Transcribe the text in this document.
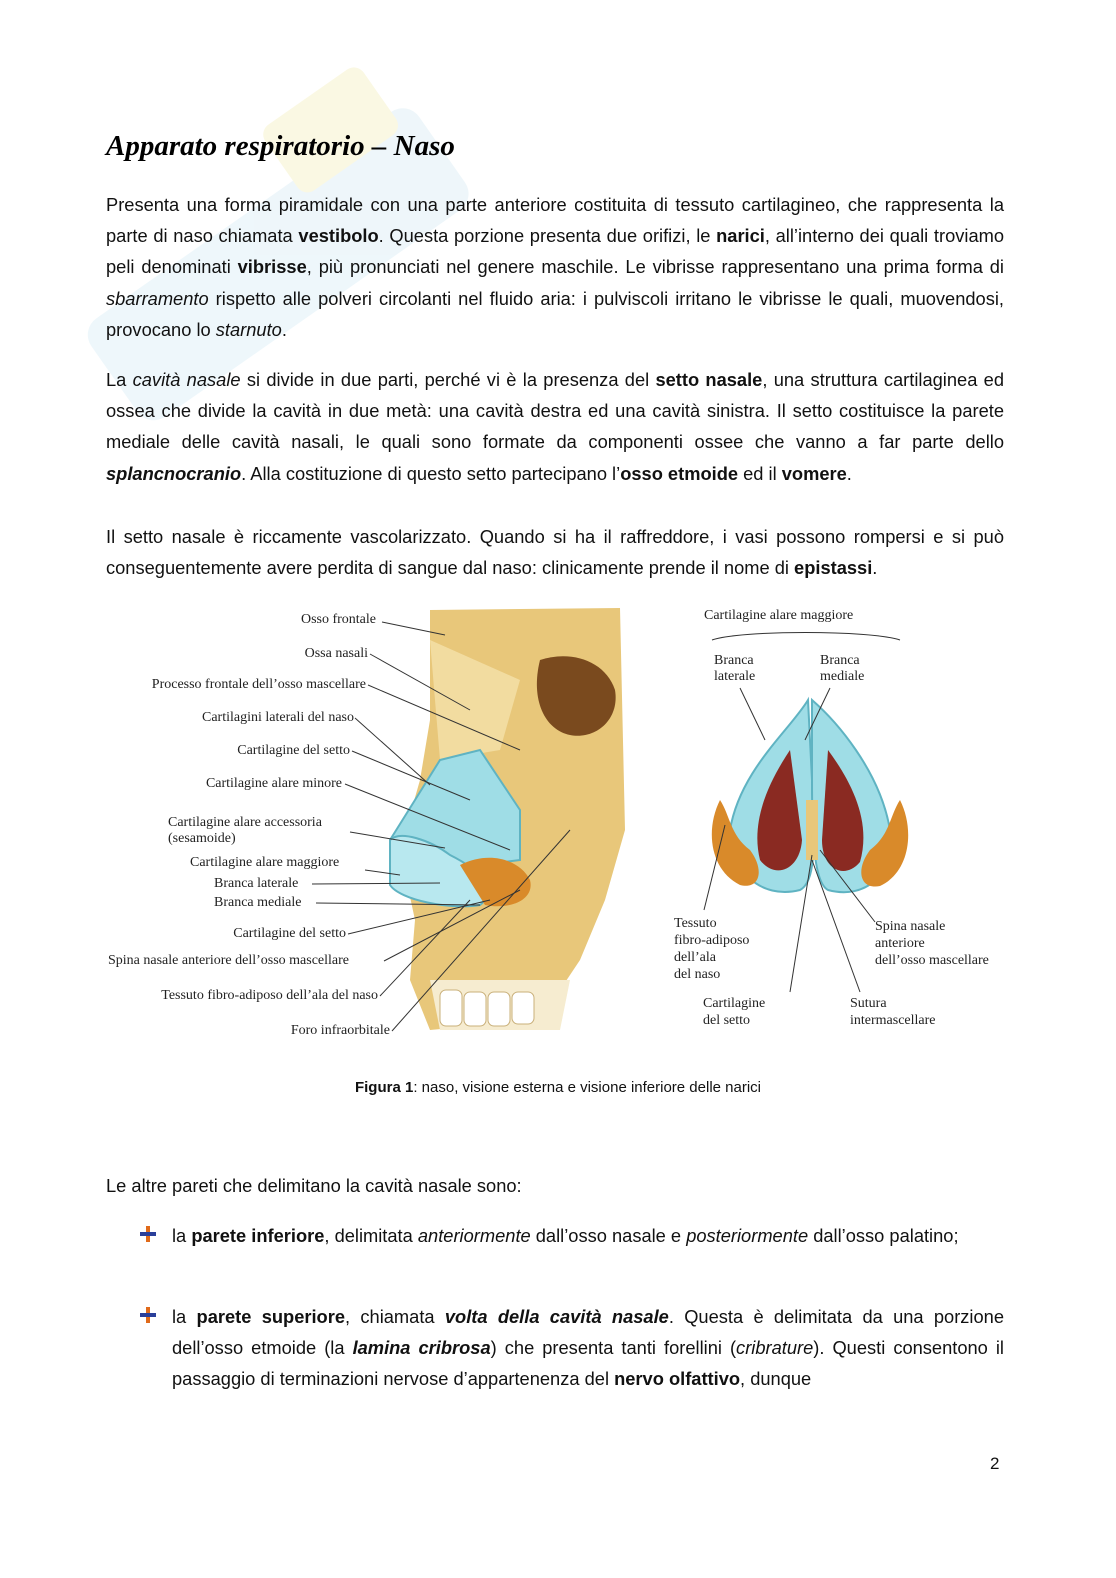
Apparato respiratorio – Naso

Presenta una forma piramidale con una parte anteriore costituita di tessuto cartilagineo, che rappresenta la parte di naso chiamata vestibolo. Questa porzione presenta due orifizi, le narici, all’interno dei quali troviamo peli denominati vibrisse, più pronunciati nel genere maschile. Le vibrisse rappresentano una prima forma di sbarramento rispetto alle polveri circolanti nel fluido aria: i pulviscoli irritano le vibrisse le quali, muovendosi, provocano lo starnuto.

La cavità nasale si divide in due parti, perché vi è la presenza del setto nasale, una struttura cartilaginea ed ossea che divide la cavità in due metà: una cavità destra ed una cavità sinistra. Il setto costituisce la parete mediale delle cavità nasali, le quali sono formate da componenti ossee che vanno a far parte dello splancnocranio. Alla costituzione di questo setto partecipano l’osso etmoide ed il vomere.

Il setto nasale è riccamente vascolarizzato. Quando si ha il raffreddore, i vasi possono rompersi e si può conseguentemente avere perdita di sangue dal naso: clinicamente prende il nome di epistassi.

Osso frontale
Ossa nasali
Processo frontale dell’osso mascellare
Cartilagini laterali del naso
Cartilagine del setto
Cartilagine alare minore
Cartilagine alare accessoria
(sesamoide)
Cartilagine alare maggiore
Branca laterale
Branca mediale
Cartilagine del setto
Spina nasale anteriore dell’osso mascellare
Tessuto fibro-adiposo dell’ala del naso
Foro infraorbitale
Cartilagine alare maggiore
Branca
laterale
Branca
mediale
Tessuto
fibro-adiposo
dell’ala
del naso
Spina nasale
anteriore
dell’osso mascellare
Cartilagine
del setto
Sutura
intermascellare
Figura 1: naso, visione esterna e visione inferiore delle narici

Le altre pareti che delimitano la cavità nasale sono:

la parete inferiore, delimitata anteriormente dall’osso nasale e posteriormente dall’osso palatino;

la parete superiore, chiamata volta della cavità nasale. Questa è delimitata da una porzione dell’osso etmoide (la lamina cribrosa) che presenta tanti forellini (cribrature). Questi consentono il passaggio di terminazioni nervose d’appartenenza del nervo olfattivo, dunque

2
